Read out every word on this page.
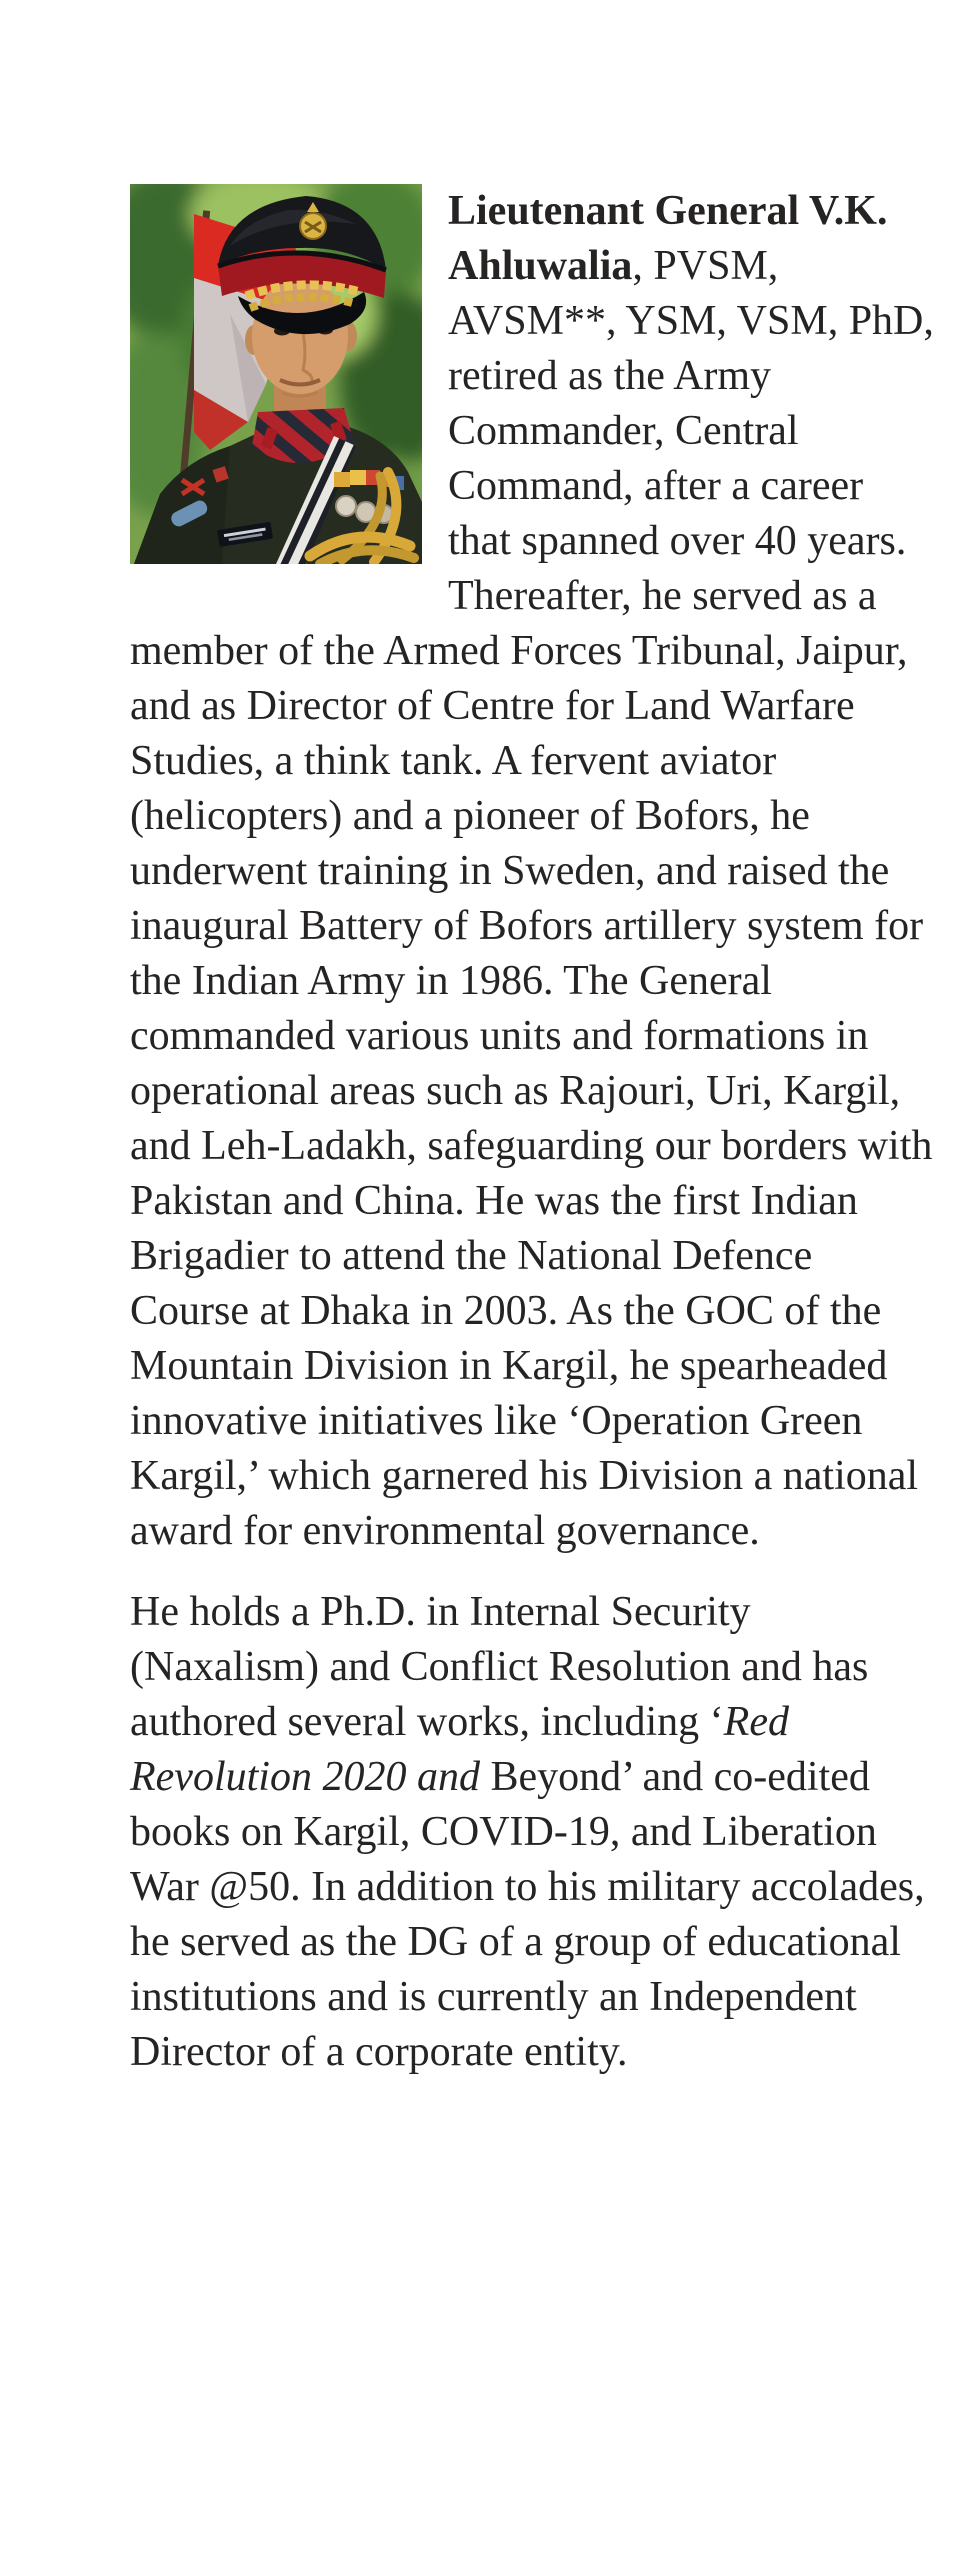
Lieutenant General V.K. Ahluwalia, PVSM, AVSM**, YSM, VSM, PhD, retired as the Army Commander, Central Command, after a career that spanned over 40 years. Thereafter, he served as a member of the Armed Forces Tribunal, Jaipur, and as Director of Centre for Land Warfare Studies, a think tank. A fervent aviator (helicopters) and a pioneer of Bofors, he underwent training in Sweden, and raised the inaugural Battery of Bofors artillery system for the Indian Army in 1986. The General commanded various units and formations in operational areas such as Rajouri, Uri, Kargil, and Leh-Ladakh, safeguarding our borders with Pakistan and China. He was the first Indian Brigadier to attend the National Defence Course at Dhaka in 2003. As the GOC of the Mountain Division in Kargil, he spearheaded innovative initiatives like ‘Operation Green Kargil,’ which garnered his Division a national award for environmental governance.

He holds a Ph.D. in Internal Security (Naxalism) and Conflict Resolution and has authored several works, including ‘Red Revolution 2020 and Beyond’ and co-edited books on Kargil, COVID-19, and Liberation War @50. In addition to his military accolades, he served as the DG of a group of educational institutions and is currently an Independent Director of a corporate entity.
